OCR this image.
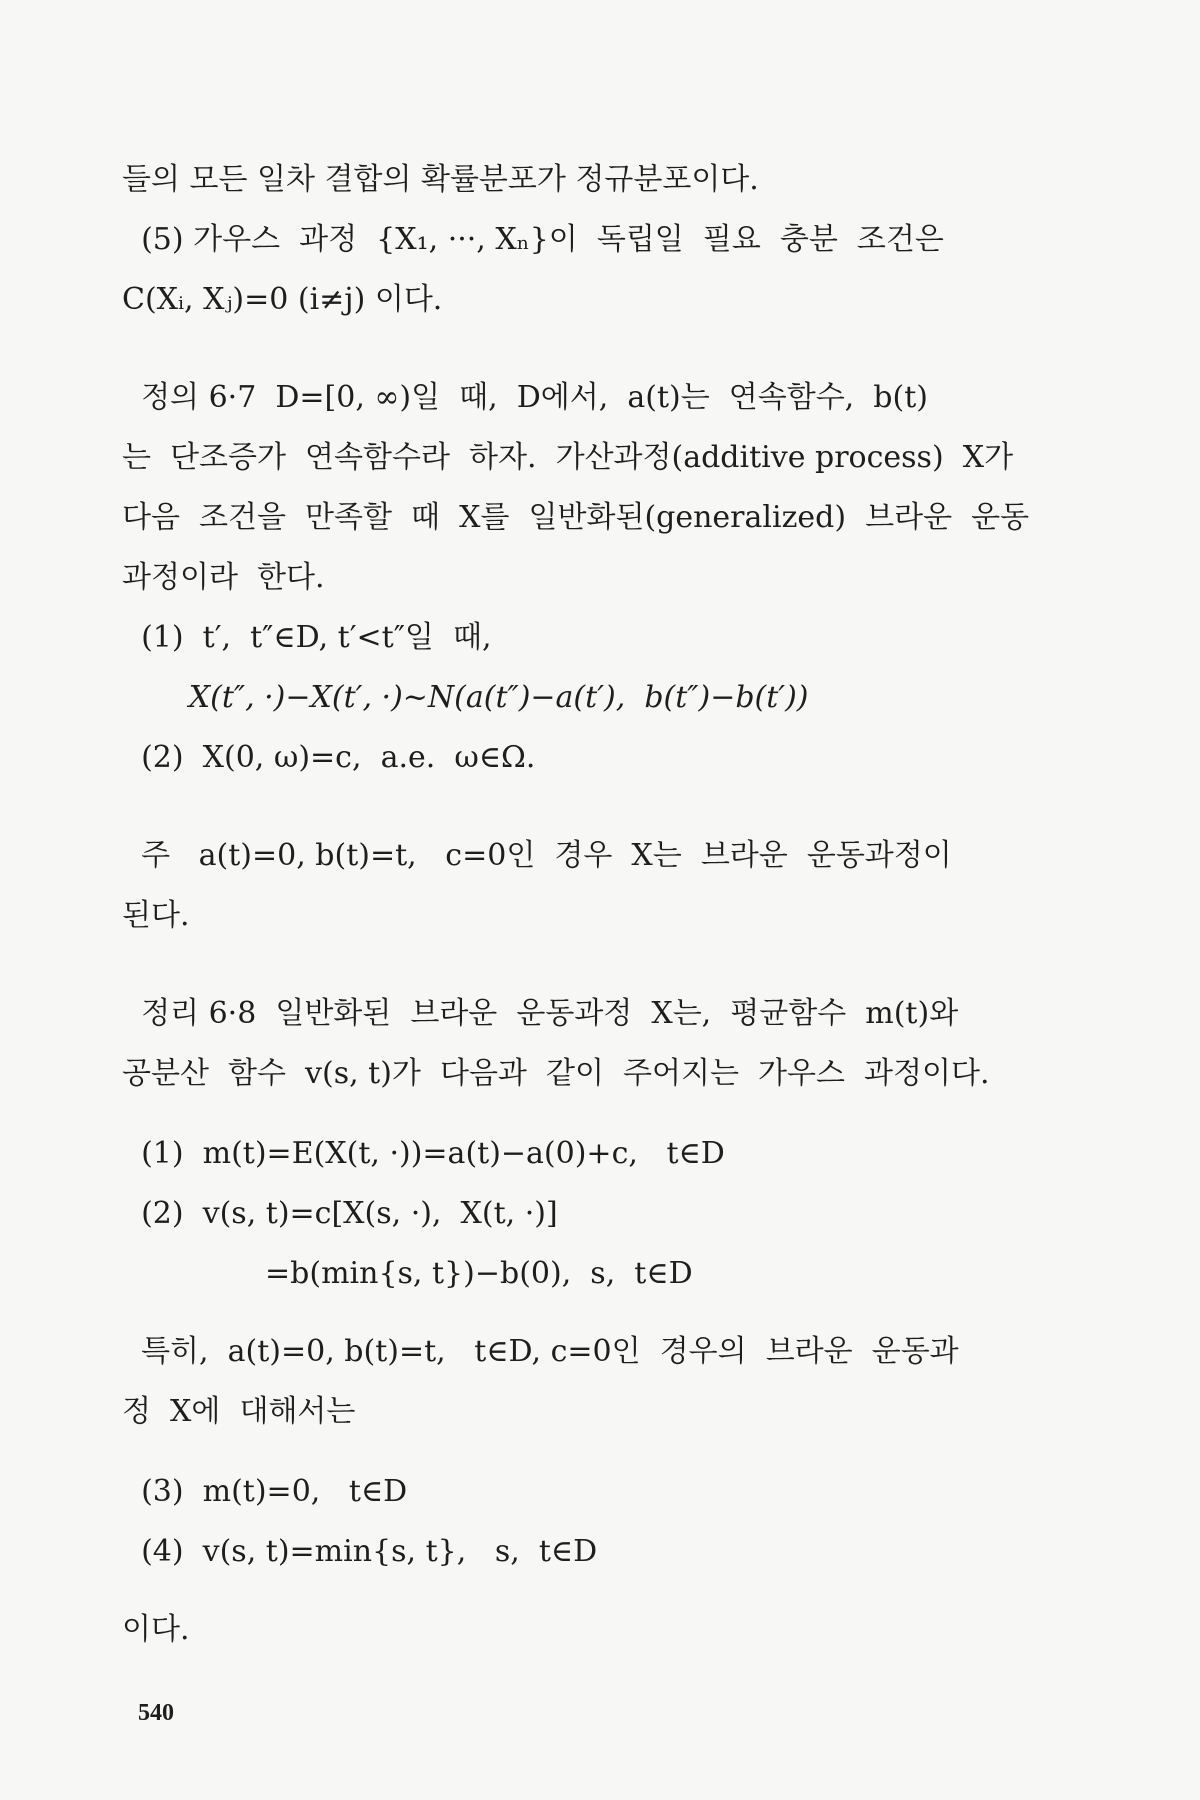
들의 모든 일차 결합의 확률분포가 정규분포이다.
(5) 가우스  과정  {X₁, ···, Xₙ}이  독립일  필요  충분  조건은
C(Xᵢ, Xⱼ)=0 (i≠j) 이다.
정의 6·7  D=[0, ∞)일  때,  D에서,  a(t)는  연속함수,  b(t)
는  단조증가  연속함수라  하자.  가산과정(additive process)  X가
다음  조건을  만족할  때  X를  일반화된(generalized)  브라운  운동
과정이라  한다.
(1)  t′,  t″∈D, t′<t″일  때,
X(t″, ·)−X(t′, ·)~N(a(t″)−a(t′),  b(t″)−b(t′))
(2)  X(0, ω)=c,  a.e.  ω∈Ω.
주   a(t)=0, b(t)=t,   c=0인  경우  X는  브라운  운동과정이
된다.
정리 6·8  일반화된  브라운  운동과정  X는,  평균함수  m(t)와
공분산  함수  v(s, t)가  다음과  같이  주어지는  가우스  과정이다.
(1)  m(t)=E(X(t, ·))=a(t)−a(0)+c,   t∈D
(2)  v(s, t)=c[X(s, ·),  X(t, ·)]
=b(min{s, t})−b(0),  s,  t∈D
특히,  a(t)=0, b(t)=t,   t∈D, c=0인  경우의  브라운  운동과
정  X에  대해서는
(3)  m(t)=0,   t∈D
(4)  v(s, t)=min{s, t},   s,  t∈D
이다.
540
